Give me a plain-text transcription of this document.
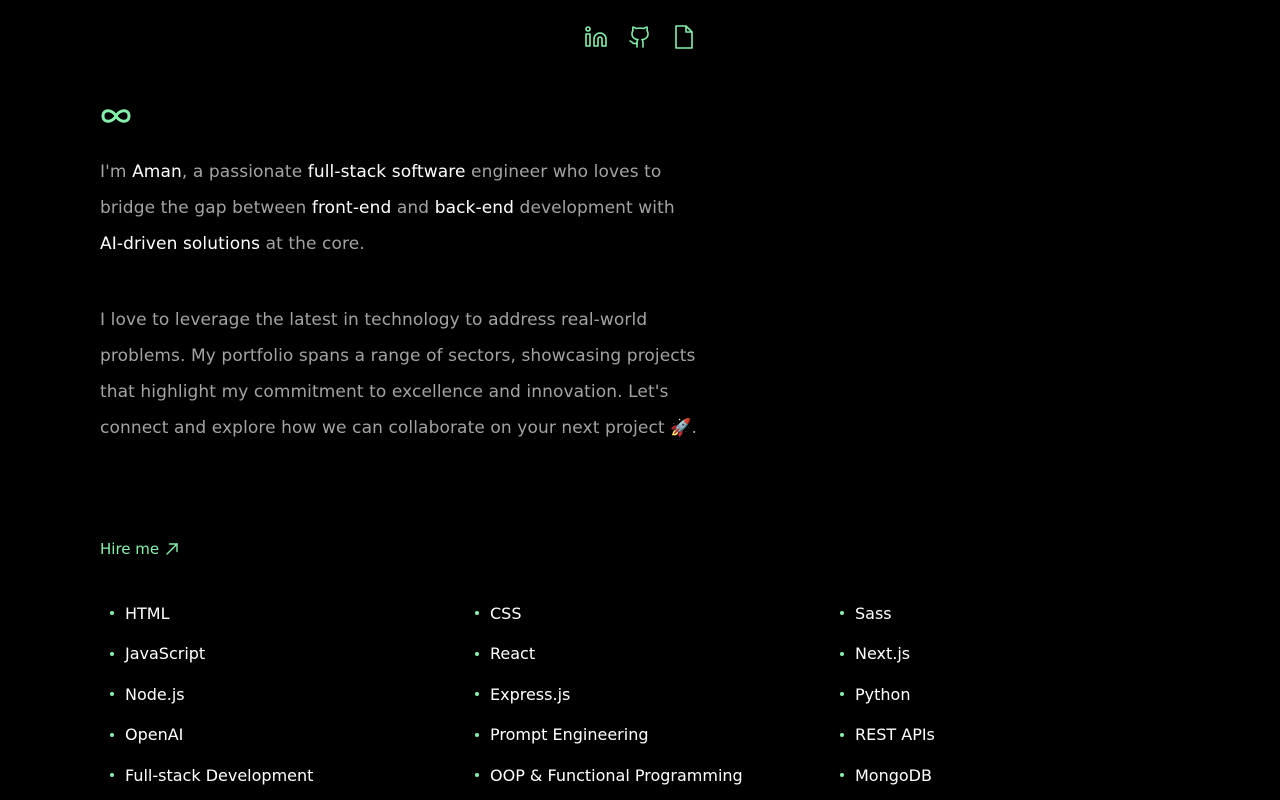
I'm Aman, a passionate full-stack software engineer who loves to bridge the gap between front-end and back-end development with AI-driven solutions at the core.

I love to leverage the latest in technology to address real-world problems. My portfolio spans a range of sectors, showcasing projects that highlight my commitment to excellence and innovation. Let's connect and explore how we can collaborate on your next project 🚀.

Hire me
HTML	CSS	Sass
JavaScript	React	Next.js
Node.js	Express.js	Python
OpenAI	Prompt Engineering	REST APIs
Full-stack Development	OOP & Functional Programming	MongoDB
